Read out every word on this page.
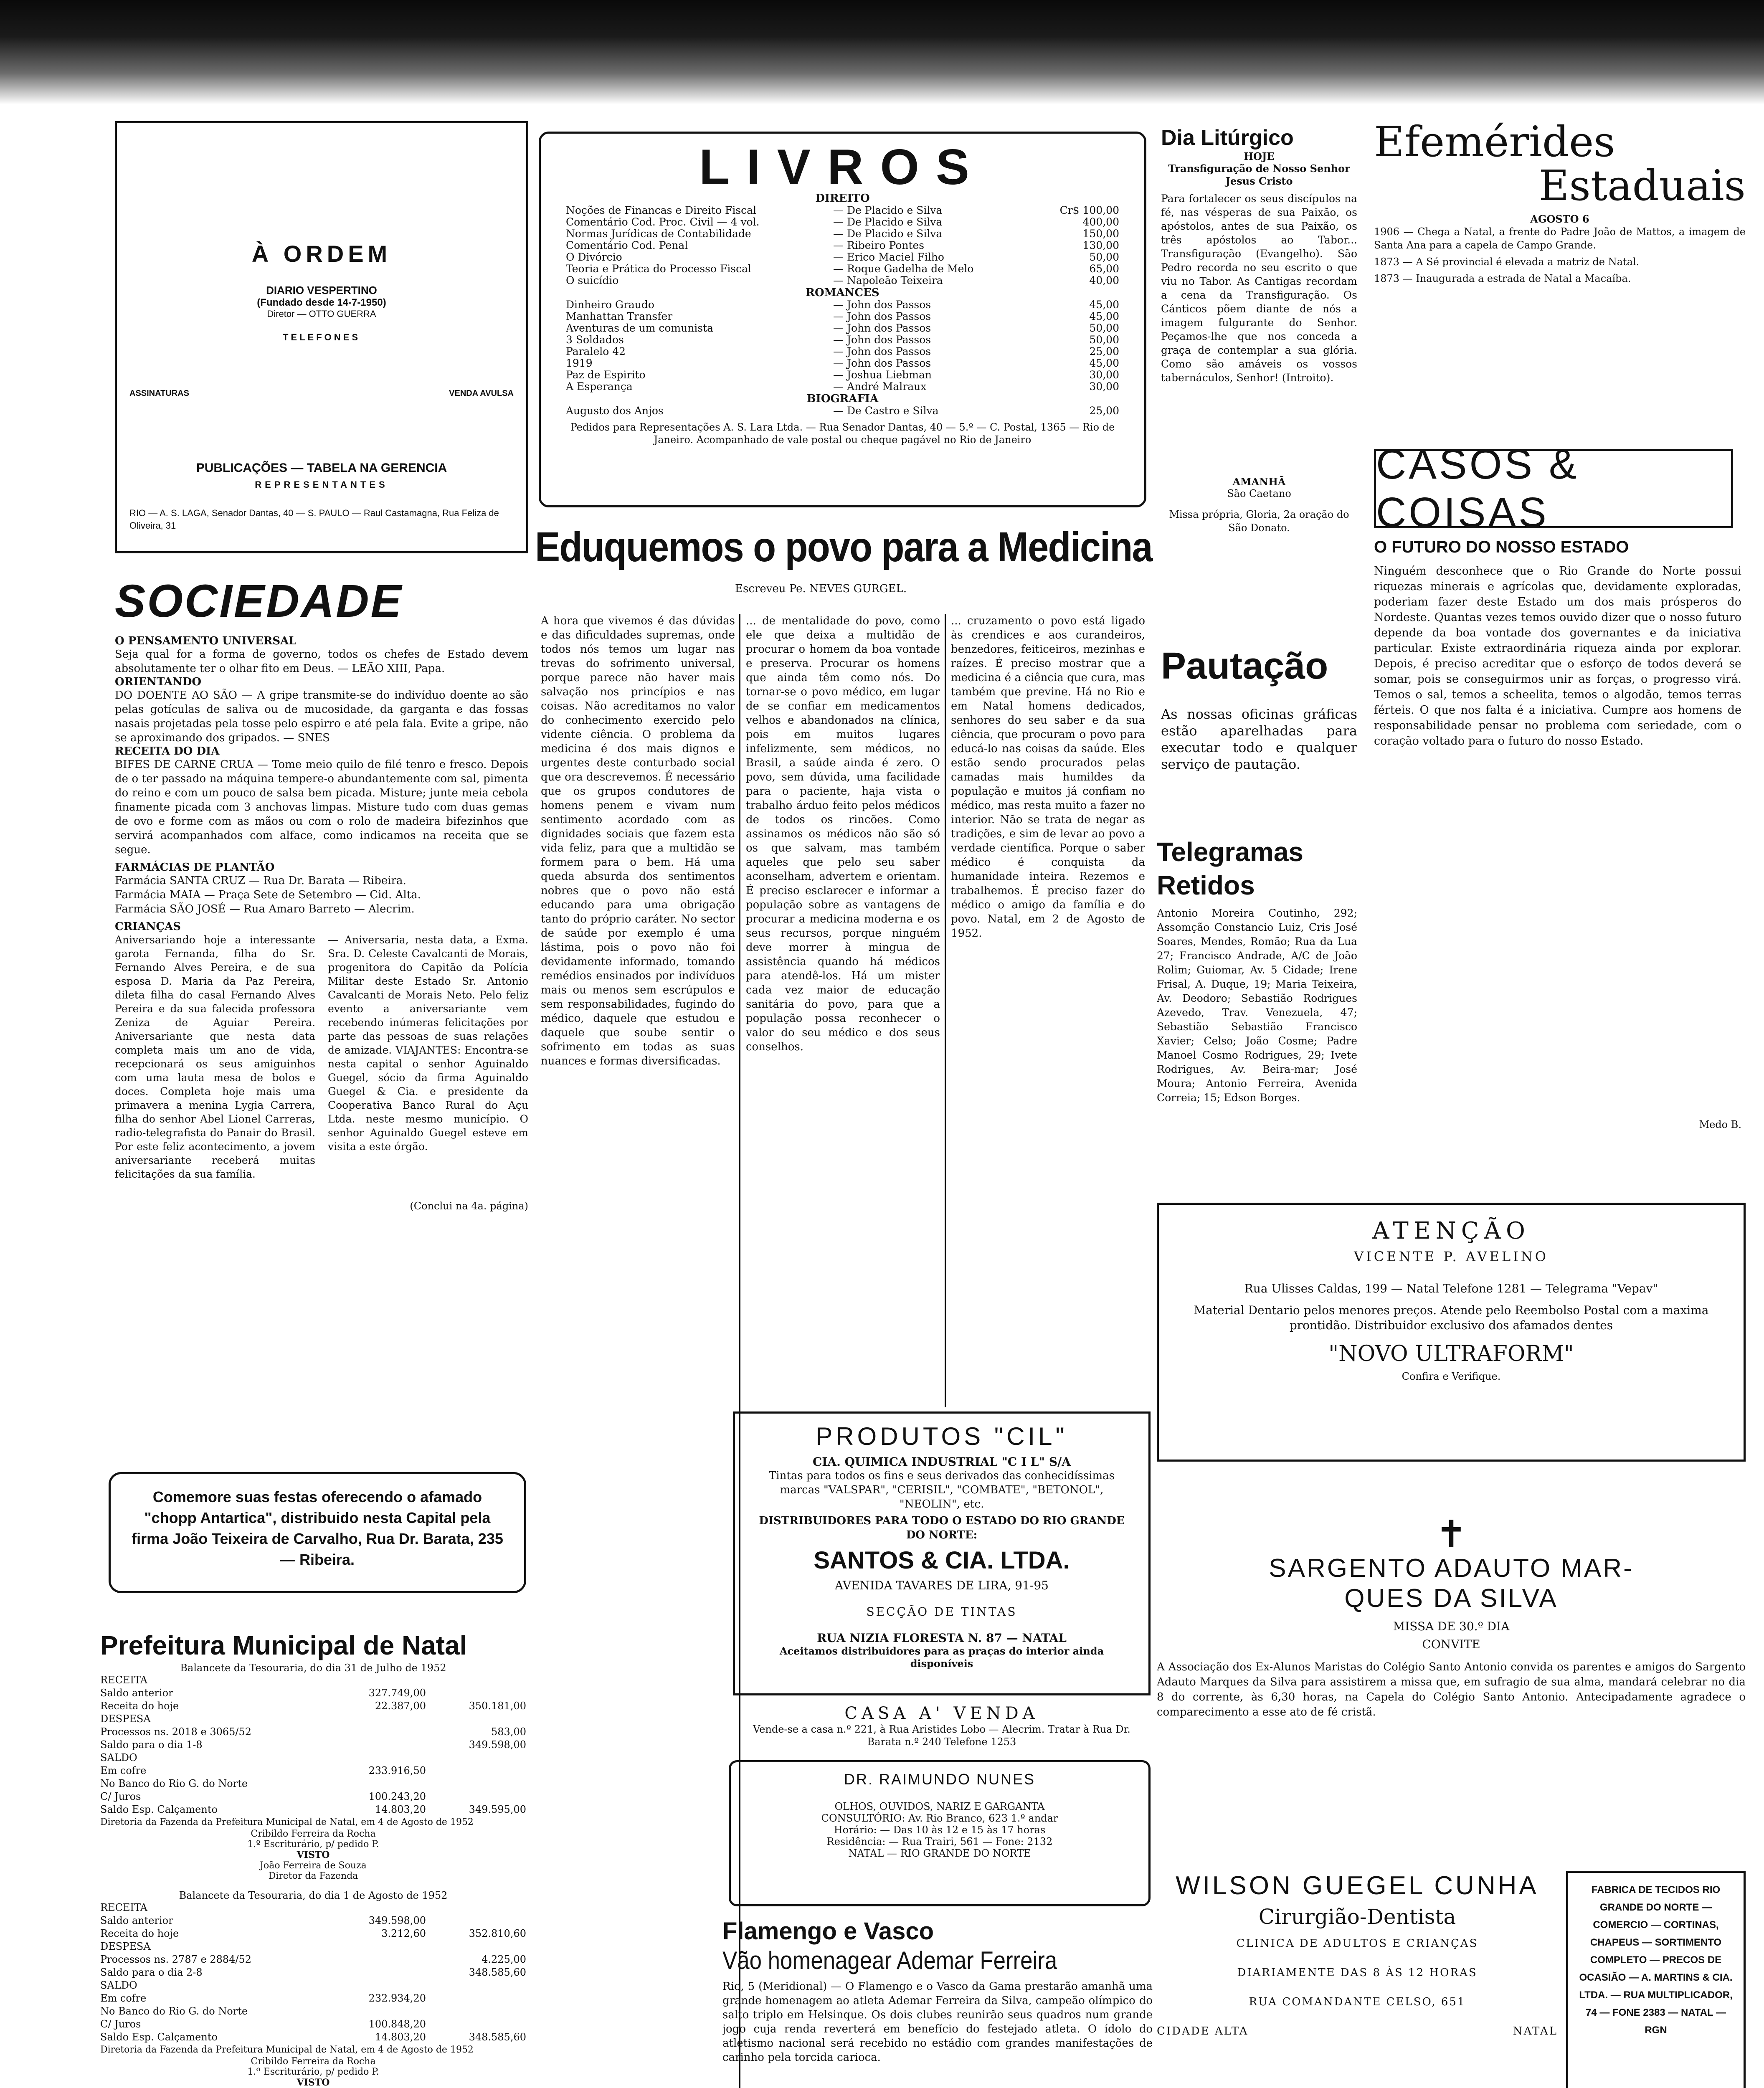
À ORDEM
DIARIO VESPERTINO
(Fundado desde 14-7-1950)
Diretor — OTTO GUERRA
TELEFONES
ASSINATURAS	VENDA AVULSA
PUBLICAÇÕES — TABELA NA GERENCIA
REPRESENTANTES
RIO — A. S. LAGA, Senador Dantas, 40 — S. PAULO — Raul Castamagna, Rua Feliza de Oliveira, 31
LIVROS
DIREITO
Noções de Financas e Direito Fiscal	— De Placido e Silva	Cr$ 100,00
Comentário Cod. Proc. Civil — 4 vol.	— De Placido e Silva	400,00
Normas Jurídicas de Contabilidade	— De Placido e Silva	150,00
Comentário Cod. Penal	— Ribeiro Pontes	130,00
O Divórcio	— Erico Maciel Filho	50,00
Teoria e Prática do Processo Fiscal	— Roque Gadelha de Melo	65,00
O suicídio	— Napoleão Teixeira	40,00
ROMANCES
Dinheiro Graudo	— John dos Passos	45,00
Manhattan Transfer	— John dos Passos	45,00
Aventuras de um comunista	— John dos Passos	50,00
3 Soldados	— John dos Passos	50,00
Paralelo 42	— John dos Passos	25,00
1919	— John dos Passos	45,00
Paz de Espirito	— Joshua Liebman	30,00
A Esperança	— André Malraux	30,00
BIOGRAFIA
Augusto dos Anjos	— De Castro e Silva	25,00
Pedidos para Representações A. S. Lara Ltda. — Rua Senador Dantas, 40 — 5.º — C. Postal, 1365 — Rio de Janeiro. Acompanhado de vale postal ou cheque pagável no Rio de Janeiro
Dia Litúrgico
HOJE
Transfiguração de Nosso Senhor Jesus Cristo
Para fortalecer os seus discípulos na fé, nas vésperas de sua Paixão, os apóstolos, antes de sua Paixão, os três apóstolos ao Tabor... Transfiguração (Evangelho). São Pedro recorda no seu escrito o que viu no Tabor. As Cantigas recordam a cena da Transfiguração. Os Cánticos põem diante de nós a imagem fulgurante do Senhor. Peçamos-lhe que nos conceda a graça de contemplar a sua glória. Como são amáveis os vossos tabernáculos, Senhor! (Introito).
AMANHÃ
São Caetano
Missa própria, Gloria, 2a oração do São Donato.
Efemérides
Estaduais
AGOSTO 6

1906 — Chega a Natal, a frente do Padre João de Mattos, a imagem de Santa Ana para a capela de Campo Grande.

1873 — A Sé provincial é elevada a matriz de Natal.

1873 — Inaugurada a estrada de Natal a Macaíba.

CASOS & COISAS
O FUTURO DO NOSSO ESTADO
Ninguém desconhece que o Rio Grande do Norte possui riquezas minerais e agrícolas que, devidamente exploradas, poderiam fazer deste Estado um dos mais prósperos do Nordeste. Quantas vezes temos ouvido dizer que o nosso futuro depende da boa vontade dos governantes e da iniciativa particular. Existe extraordinária riqueza ainda por explorar. Depois, é preciso acreditar que o esforço de todos deverá se somar, pois se conseguirmos unir as forças, o progresso virá. Temos o sal, temos a scheelita, temos o algodão, temos terras férteis. O que nos falta é a iniciativa. Cumpre aos homens de responsabilidade pensar no problema com seriedade, com o coração voltado para o futuro do nosso Estado.
Medo B.
Pautação
As nossas oficinas gráficas estão aparelhadas para executar todo e qualquer serviço de pautação.
Telegramas Retidos
Antonio Moreira Coutinho, 292; Assomção Constancio Luiz, Cris José Soares, Mendes, Romão; Rua da Lua 27; Francisco Andrade, A/C de João Rolim; Guiomar, Av. 5 Cidade; Irene Frisal, A. Duque, 19; Maria Teixeira, Av. Deodoro; Sebastião Rodrigues Azevedo, Trav. Venezuela, 47; Sebastião Sebastião Francisco Xavier; Celso; João Cosme; Padre Manoel Cosmo Rodrigues, 29; Ivete Rodrigues, Av. Beira-mar; José Moura; Antonio Ferreira, Avenida Correia; 15; Edson Borges.
ATENÇÃO
VICENTE P. AVELINO
Rua Ulisses Caldas, 199 — Natal Telefone 1281 — Telegrama "Vepav"
Material Dentario pelos menores preços. Atende pelo Reembolso Postal com a maxima prontidão. Distribuidor exclusivo dos afamados dentes
"NOVO ULTRAFORM"
Confira e Verifique.
✝
SARGENTO ADAUTO MAR-
QUES DA SILVA
MISSA DE 30.º DIA
CONVITE
A Associação dos Ex-Alunos Maristas do Colégio Santo Antonio convida os parentes e amigos do Sargento Adauto Marques da Silva para assistirem a missa que, em sufragio de sua alma, mandará celebrar no dia 8 do corrente, às 6,30 horas, na Capela do Colégio Santo Antonio. Antecipadamente agradece o comparecimento a esse ato de fé cristã.
WILSON GUEGEL CUNHA
Cirurgião-Dentista
CLINICA DE ADULTOS E CRIANÇAS
DIARIAMENTE DAS 8 ÀS 12 HORAS
RUA COMANDANTE CELSO, 651
CIDADE ALTA	NATAL
FABRICA DE TECIDOS RIO GRANDE DO NORTE — COMERCIO — CORTINAS, CHAPEUS — SORTIMENTO COMPLETO — PRECOS DE OCASIÃO — A. MARTINS & CIA. LTDA. — RUA MULTIPLICADOR, 74 — FONE 2383 — NATAL — RGN
SOCIEDADE
O PENSAMENTO UNIVERSAL
Seja qual for a forma de governo, todos os chefes de Estado devem absolutamente ter o olhar fito em Deus. — LEÃO XIII, Papa.
ORIENTANDO
DO DOENTE AO SÃO — A gripe transmite-se do indivíduo doente ao são pelas gotículas de saliva ou de mucosidade, da garganta e das fossas nasais projetadas pela tosse pelo espirro e até pela fala. Evite a gripe, não se aproximando dos gripados. — SNES
RECEITA DO DIA
BIFES DE CARNE CRUA — Tome meio quilo de filé tenro e fresco. Depois de o ter passado na máquina tempere-o abundantemente com sal, pimenta do reino e com um pouco de salsa bem picada. Misture; junte meia cebola finamente picada com 3 anchovas limpas. Misture tudo com duas gemas de ovo e forme com as mãos ou com o rolo de madeira bifezinhos que servirá acompanhados com alface, como indicamos na receita que se segue.
FARMÁCIAS DE PLANTÃO
Farmácia SANTA CRUZ — Rua Dr. Barata — Ribeira.
Farmácia MAIA — Praça Sete de Setembro — Cid. Alta.
Farmácia SÃO JOSÉ — Rua Amaro Barreto — Alecrim.
CRIANÇAS
Aniversariando hoje a interessante garota Fernanda, filha do Sr. Fernando Alves Pereira, e de sua esposa D. Maria da Paz Pereira, dileta filha do casal Fernando Alves Pereira e da sua falecida professora Zeniza de Aguiar Pereira. Aniversariante que nesta data completa mais um ano de vida, recepcionará os seus amiguinhos com uma lauta mesa de bolos e doces. Completa hoje mais uma primavera a menina Lygia Carrera, filha do senhor Abel Lionel Carreras, radio-telegrafista do Panair do Brasil. Por este feliz acontecimento, a jovem aniversariante receberá muitas felicitações da sua família.
— Aniversaria, nesta data, a Exma. Sra. D. Celeste Cavalcanti de Morais, progenitora do Capitão da Polícia Militar deste Estado Sr. Antonio Cavalcanti de Morais Neto. Pelo feliz evento a aniversariante vem recebendo inúmeras felicitações por parte das pessoas de suas relações de amizade. VIAJANTES: Encontra-se nesta capital o senhor Aguinaldo Guegel, sócio da firma Aguinaldo Guegel & Cia. e presidente da Cooperativa Banco Rural do Açu Ltda. neste mesmo município. O senhor Aguinaldo Guegel esteve em visita a este órgão.
(Conclui na 4a. página)
Comemore suas festas oferecendo o afamado "chopp Antartica", distribuido nesta Capital pela firma João Teixeira de Carvalho, Rua Dr. Barata, 235 — Ribeira.
Prefeitura Municipal de Natal
Balancete da Tesouraria, do dia 31 de Julho de 1952
RECEITA
Saldo anterior	327.749,00
Receita do hoje	22.387,00	350.181,00
DESPESA
Processos ns. 2018 e 3065/52	583,00
Saldo para o dia 1-8	349.598,00
SALDO
Em cofre	233.916,50
No Banco do Rio G. do Norte
C/ Juros	100.243,20
Saldo Esp. Calçamento	14.803,20	349.595,00
Diretoria da Fazenda da Prefeitura Municipal de Natal, em 4 de Agosto de 1952
Cribildo Ferreira da Rocha
1.º Escriturário, p/ pedido P.
VISTO
João Ferreira de Souza
Diretor da Fazenda
Balancete da Tesouraria, do dia 1 de Agosto de 1952
RECEITA
Saldo anterior	349.598,00
Receita do hoje	3.212,60	352.810,60
DESPESA
Processos ns. 2787 e 2884/52	4.225,00
Saldo para o dia 2-8	348.585,60
SALDO
Em cofre	232.934,20
No Banco do Rio G. do Norte
C/ Juros	100.848,20
Saldo Esp. Calçamento	14.803,20	348.585,60
Diretoria da Fazenda da Prefeitura Municipal de Natal, em 4 de Agosto de 1952
Cribildo Ferreira da Rocha
1.º Escriturário, p/ pedido P.
VISTO
Eduquemos o povo para a Medicina
Escreveu Pe. NEVES GURGEL.
A hora que vivemos é das dúvidas e das dificuldades supremas, onde todos nós temos um lugar nas trevas do sofrimento universal, porque parece não haver mais salvação nos princípios e nas coisas. Não acreditamos no valor do conhecimento exercido pelo vidente ciência. O problema da medicina é dos mais dignos e urgentes deste conturbado social que ora descrevemos. É necessário que os grupos condutores de homens penem e vivam num sentimento acordado com as dignidades sociais que fazem esta vida feliz, para que a multidão se formem para o bem. Há uma queda absurda dos sentimentos nobres que o povo não está educando para uma obrigação tanto do próprio caráter. No sector de saúde por exemplo é uma lástima, pois o povo não foi devidamente informado, tomando remédios ensinados por indivíduos mais ou menos sem escrúpulos e sem responsabilidades, fugindo do médico, daquele que estudou e daquele que soube sentir o sofrimento em todas as suas nuances e formas diversificadas.
... de mentalidade do povo, como ele que deixa a multidão de procurar o homem da boa vontade e preserva. Procurar os homens que ainda têm como nós. Do tornar-se o povo médico, em lugar de se confiar em medicamentos velhos e abandonados na clínica, pois em muitos lugares infelizmente, sem médicos, no Brasil, a saúde ainda é zero. O povo, sem dúvida, uma facilidade para o paciente, haja vista o trabalho árduo feito pelos médicos de todos os rincões. Como assinamos os médicos não são só os que salvam, mas também aqueles que pelo seu saber aconselham, advertem e orientam. É preciso esclarecer e informar a população sobre as vantagens de procurar a medicina moderna e os seus recursos, porque ninguém deve morrer à mingua de assistência quando há médicos para atendê-los. Há um mister cada vez maior de educação sanitária do povo, para que a população possa reconhecer o valor do seu médico e dos seus conselhos.
... cruzamento o povo está ligado às crendices e aos curandeiros, benzedores, feiticeiros, mezinhas e raízes. É preciso mostrar que a medicina é a ciência que cura, mas também que previne. Há no Rio e em Natal homens dedicados, senhores do seu saber e da sua ciência, que procuram o povo para educá-lo nas coisas da saúde. Eles estão sendo procurados pelas camadas mais humildes da população e muitos já confiam no médico, mas resta muito a fazer no interior. Não se trata de negar as tradições, e sim de levar ao povo a verdade científica. Porque o saber médico é conquista da humanidade inteira. Rezemos e trabalhemos. É preciso fazer do médico o amigo da família e do povo. Natal, em 2 de Agosto de 1952.
PRODUTOS "CIL"
CIA. QUIMICA INDUSTRIAL "C I L" S/A
Tintas para todos os fins e seus derivados das conhecidíssimas marcas "VALSPAR", "CERISIL", "COMBATE", "BETONOL", "NEOLIN", etc.
DISTRIBUIDORES PARA TODO O ESTADO DO RIO GRANDE DO NORTE:
SANTOS & CIA. LTDA.
AVENIDA TAVARES DE LIRA, 91-95
SECÇÃO DE TINTAS
RUA NIZIA FLORESTA N. 87 — NATAL
Aceitamos distribuidores para as praças do interior ainda disponíveis
CASA A' VENDA
Vende-se a casa n.º 221, à Rua Aristides Lobo — Alecrim. Tratar à Rua Dr. Barata n.º 240 Telefone 1253
DR. RAIMUNDO NUNES
OLHOS, OUVIDOS, NARIZ E GARGANTA
CONSULTÓRIO: Av. Rio Branco, 623 1.º andar
Horário: — Das 10 às 12 e 15 às 17 horas
Residência: — Rua Trairi, 561 — Fone: 2132
NATAL — RIO GRANDE DO NORTE
Flamengo e Vasco
Vão homenagear Ademar Ferreira
Rio, 5 (Meridional) — O Flamengo e o Vasco da Gama prestarão amanhã uma grande homenagem ao atleta Ademar Ferreira da Silva, campeão olímpico do salto triplo em Helsinque. Os dois clubes reunirão seus quadros num grande jogo cuja renda reverterá em benefício do festejado atleta. O ídolo do atletismo nacional será recebido no estádio com grandes manifestações de carinho pela torcida carioca.
